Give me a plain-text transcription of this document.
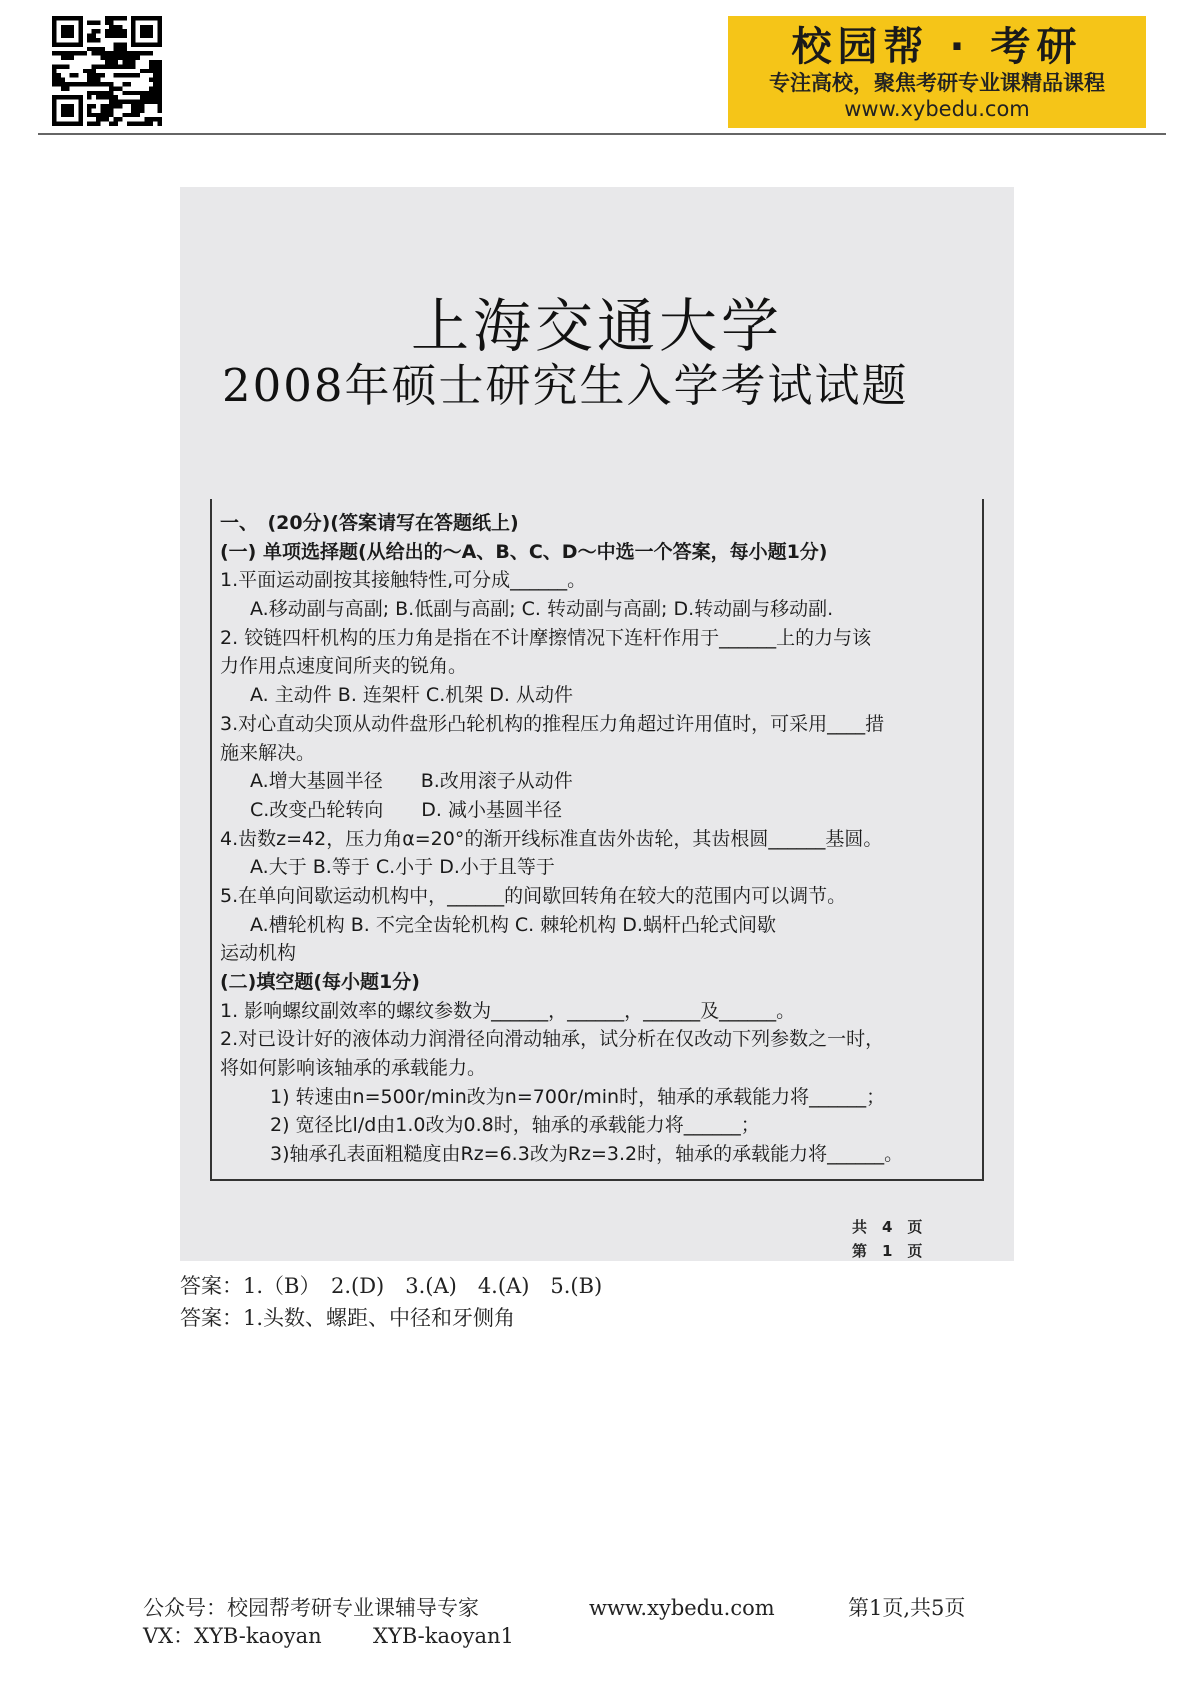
校园帮 · 考研
专注高校，聚焦考研专业课精品课程
www.xybedu.com
上海交通大学
2008年硕士研究生入学考试试题
一、　(20分)(答案请写在答题纸上)
(一) 单项选择题(从给出的～A、B、C、D～中选一个答案，每小题1分)
1.平面运动副按其接触特性,可分成______。
A.移动副与高副; B.低副与高副; C. 转动副与高副; D.转动副与移动副.
2. 铰链四杆机构的压力角是指在不计摩擦情况下连杆作用于______上的力与该
力作用点速度间所夹的锐角。
A. 主动件 B. 连架杆 C.机架 D. 从动件
3.对心直动尖顶从动件盘形凸轮机构的推程压力角超过许用值时，可采用____措
施来解决。
A.增大基圆半径　　B.改用滚子从动件
C.改变凸轮转向　　D. 减小基圆半径
4.齿数z=42，压力角α=20°的渐开线标准直齿外齿轮，其齿根圆______基圆。
A.大于 B.等于 C.小于 D.小于且等于
5.在单向间歇运动机构中，______的间歇回转角在较大的范围内可以调节。
A.槽轮机构 B. 不完全齿轮机构 C. 棘轮机构 D.蜗杆凸轮式间歇
运动机构
(二)填空题(每小题1分)
1. 影响螺纹副效率的螺纹参数为______，______，______及______。
2.对已设计好的液体动力润滑径向滑动轴承，试分析在仅改动下列参数之一时，
将如何影响该轴承的承载能力。
1) 转速由n=500r/min改为n=700r/min时，轴承的承载能力将______；
2) 宽径比l/d由1.0改为0.8时，轴承的承载能力将______；
3)轴承孔表面粗糙度由Rz=6.3改为Rz=3.2时，轴承的承载能力将______。
共　4　页
第　1　页
答案：1.（B）　2.(D)　3.(A)　4.(A)　5.(B)
答案：1.头数、螺距、中径和牙侧角
公众号：校园帮考研专业课辅导专家	www.xybedu.com	第1页,共5页
VX：XYB-kaoyan XYB-kaoyan1
